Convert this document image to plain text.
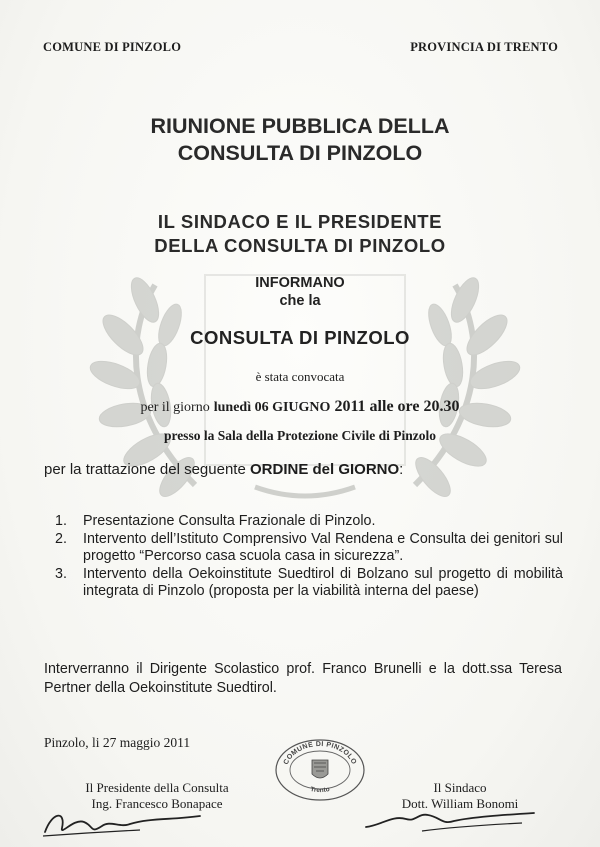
COMUNE DI PINZOLO	PROVINCIA DI TRENTO
RIUNIONE PUBBLICA DELLA
CONSULTA DI PINZOLO
IL SINDACO E IL PRESIDENTE
DELLA CONSULTA DI PINZOLO
INFORMANO
che la
CONSULTA DI PINZOLO
è stata convocata
per il giorno lunedì 06 GIUGNO 2011 alle ore 20.30
presso la Sala della Protezione Civile di Pinzolo
per la trattazione del seguente ORDINE del GIORNO:
1. Presentazione Consulta Frazionale di Pinzolo.
2. Intervento dell’Istituto Comprensivo Val Rendena e Consulta dei genitori sul progetto “Percorso casa scuola casa in sicurezza”.
3. Intervento della Oekoinstitute Suedtirol di Bolzano sul progetto di mobilità integrata di Pinzolo (proposta per la viabilità interna del paese)
Interverranno il Dirigente Scolastico prof. Franco Brunelli e la dott.ssa Teresa Pertner della Oekoinstitute Suedtirol.
Pinzolo, li 27 maggio 2011
COMUNE DI PINZOLO
Trento
Il Presidente della Consulta
Ing. Francesco Bonapace
Il Sindaco
Dott. William Bonomi
